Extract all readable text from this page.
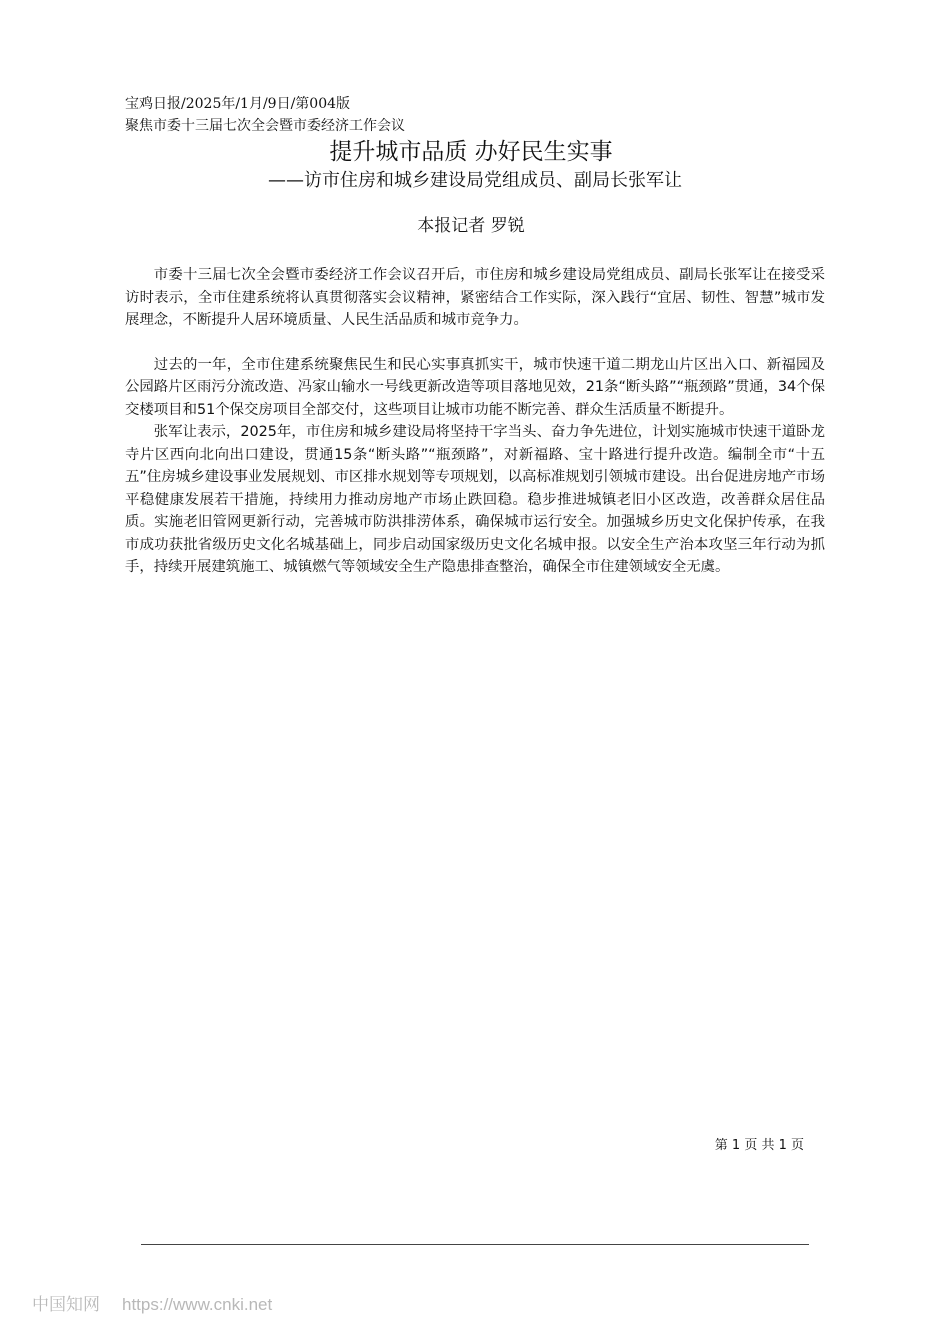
宝鸡日报/2025年/1月/9日/第004版
聚焦市委十三届七次全会暨市委经济工作会议
提升城市品质 办好民生实事
——访市住房和城乡建设局党组成员、副局长张军让
本报记者 罗锐

市委十三届七次全会暨市委经济工作会议召开后，市住房和城乡建设局党组成员、副局长张军让在接受采访时表示，全市住建系统将认真贯彻落实会议精神，紧密结合工作实际，深入践行“宜居、韧性、智慧”城市发展理念，不断提升人居环境质量、人民生活品质和城市竞争力。

过去的一年，全市住建系统聚焦民生和民心实事真抓实干，城市快速干道二期龙山片区出入口、新福园及公园路片区雨污分流改造、冯家山输水一号线更新改造等项目落地见效，21条“断头路”“瓶颈路”贯通，34个保交楼项目和51个保交房项目全部交付，这些项目让城市功能不断完善、群众生活质量不断提升。

张军让表示，2025年，市住房和城乡建设局将坚持干字当头、奋力争先进位，计划实施城市快速干道卧龙寺片区西向北向出口建设，贯通15条“断头路”“瓶颈路”，对新福路、宝十路进行提升改造。编制全市“十五五”住房城乡建设事业发展规划、市区排水规划等专项规划，以高标准规划引领城市建设。出台促进房地产市场平稳健康发展若干措施，持续用力推动房地产市场止跌回稳。稳步推进城镇老旧小区改造，改善群众居住品质。实施老旧管网更新行动，完善城市防洪排涝体系，确保城市运行安全。加强城乡历史文化保护传承，在我市成功获批省级历史文化名城基础上，同步启动国家级历史文化名城申报。以安全生产治本攻坚三年行动为抓手，持续开展建筑施工、城镇燃气等领域安全生产隐患排查整治，确保全市住建领域安全无虞。

第 1 页 共 1 页
中国知网 https://www.cnki.net
